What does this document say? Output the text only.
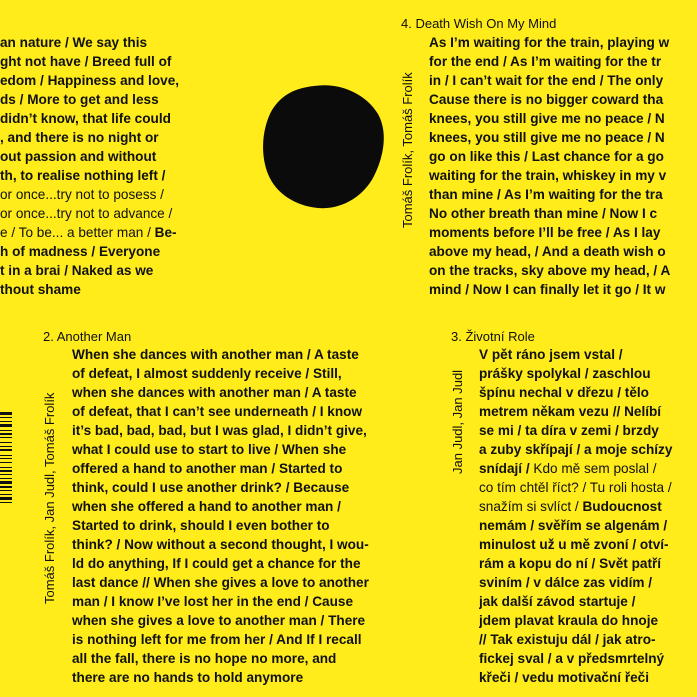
an nature / We say this
ght not have / Breed full of
edom / Happiness and love,
ds / More to get and less
didn’t know, that life could
, and there is no night or
out passion and without
th, to realise nothing left /
or once...try not to posess /
or once...try not to advance /
e / To be... a better man / Be-
h of madness / Everyone
t in a brai / Naked as we
thout shame
4. Death Wish On My Mind
Tomáš Frolík, Tomáš Frolík
As I’m waiting for the train, playing w
for the end / As I’m waiting for the tr
in / I can’t wait for the end / The only
Cause there is no bigger coward tha
knees, you still give me no peace / N
knees, you still give me no peace / N
go on like this / Last chance for a go
waiting for the train, whiskey in my v
than mine / As I’m waiting for the tra
No other breath than mine / Now I c
moments before I’ll be free / As I lay
above my head, / And a death wish o
on the tracks, sky above my head, / A
mind / Now I can finally let it go / It w
2. Another Man
Tomáš Frolík, Jan Judl, Tomáš Frolík
When she dances with another man / A taste
of defeat, I almost suddenly receive / Still,
when she dances with another man / A taste
of defeat, that I can’t see underneath / I know
it’s bad, bad, bad, but I was glad, I didn’t give,
what I could use to start to live / When she
offered a hand to another man / Started to
think, could I use another drink? / Because
when she offered a hand to another man /
Started to drink, should I even bother to
think? / Now without a second thought, I wou-
ld do anything, If I could get a chance for the
last dance // When she gives a love to another
man / I know I’ve lost her in the end / Cause
when she gives a love to another man / There
is nothing left for me from her / And If I recall
all the fall, there is no hope no more, and
there are no hands to hold anymore
3. Životní Role
Jan Judl, Jan Judl
V pět ráno jsem vstal /
prášky spolykal / zaschlou
špínu nechal v dřezu / tělo
metrem někam vezu // Nelíbí
se mi / ta díra v zemi / brzdy
a zuby skřípají / a moje schízy
snídají / Kdo mě sem poslal /
co tím chtěl říct? / Tu roli hosta /
snažím si svlíct / Budoucnost
nemám / svěřím se algenám /
minulost už u mě zvoní / otví-
rám a kopu do ní / Svět patří
sviním / v dálce zas vidím /
jak další závod startuje /
jdem plavat kraula do hnoje
// Tak existuju dál / jak atro-
fickej sval / a v předsmrtelný
křeči / vedu motivační řeči
